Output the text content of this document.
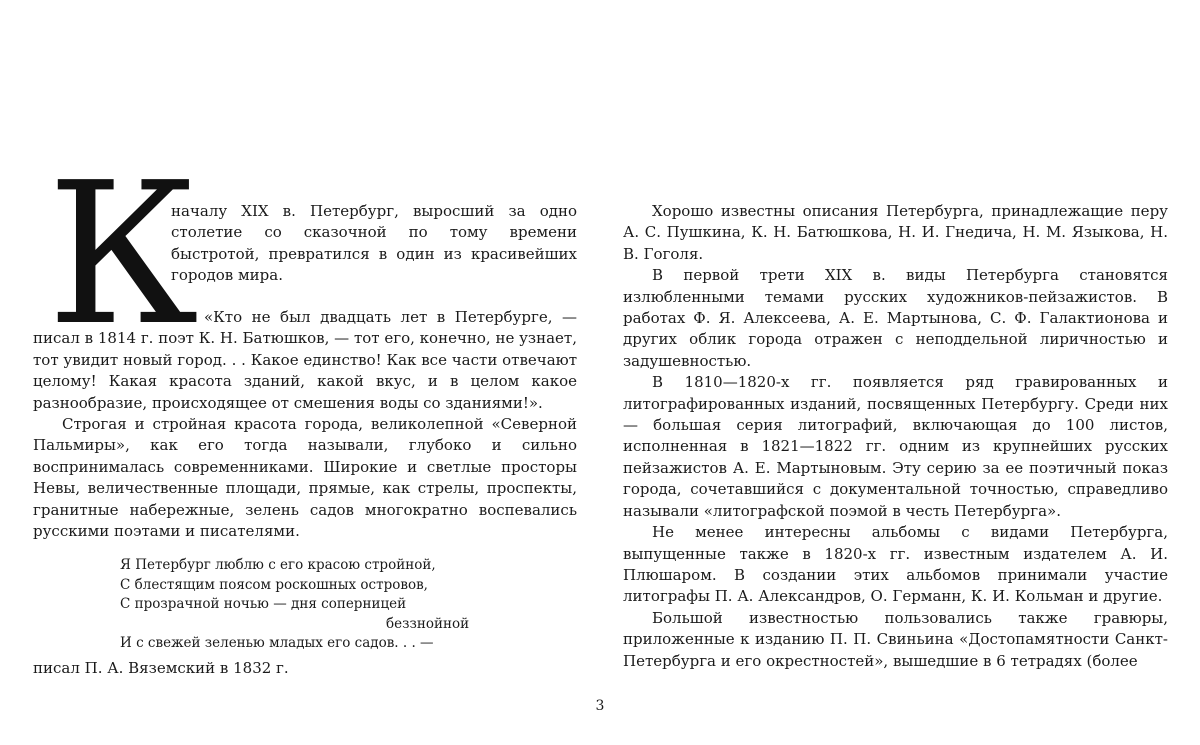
К

началу XIX в. Петербург, выросший за одно столетие со сказочной по тому времени быстротой, превратился в один из красивейших городов мира.

«Кто не был двадцать лет в Петербурге, — писал в 1814 г. поэт К. Н. Батюшков, — тот его, конечно, не узнает, тот увидит новый город. . . Какое единство! Как все части отвечают целому! Какая красота зданий, какой вкус, и в целом какое разнообразие, происходящее от смешения воды со зданиями!».

Строгая и стройная красота города, великолепной «Северной Пальмиры», как его тогда называли, глубоко и сильно воспринималась современниками. Широкие и светлые просторы Невы, величественные площади, прямые, как стрелы, проспекты, гранитные набережные, зелень садов многократно воспевались русскими поэтами и писателями.

Я Петербург люблю с его красою стройной,
С блестящим поясом роскошных островов,
С прозрачной ночью — дня соперницей
беззнойной
И с свежей зеленью младых его садов. . . —

писал П. А. Вяземский в 1832 г.

Хорошо известны описания Петербурга, принадлежащие перу А. С. Пушкина, К. Н. Батюшкова, Н. И. Гнедича, Н. М. Языкова, Н. В. Гоголя.

В первой трети XIX в. виды Петербурга становятся излюбленными темами русских художников-пейзажистов. В работах Ф. Я. Алексеева, А. Е. Мартынова, С. Ф. Галактионова и других облик города отражен с неподдельной лиричностью и задушевностью.

В 1810—1820-х гг. появляется ряд гравированных и литографированных изданий, посвященных Петербургу. Среди них — большая серия литографий, включающая до 100 листов, исполненная в 1821—1822 гг. одним из крупнейших русских пейзажистов А. Е. Мартыновым. Эту серию за ее поэтичный показ города, сочетавшийся с документальной точностью, справедливо называли «литографской поэмой в честь Петербурга».

Не менее интересны альбомы с видами Петербурга, выпущенные также в 1820-х гг. известным издателем А. И. Плюшаром. В создании этих альбомов принимали участие литографы П. А. Александров, О. Германн, К. И. Кольман и другие.

Большой известностью пользовались также гравюры, приложенные к изданию П. П. Свиньина «Достопамятности Санкт-Петербурга и его окрестностей», вышедшие в 6 тетрадях (более

3
